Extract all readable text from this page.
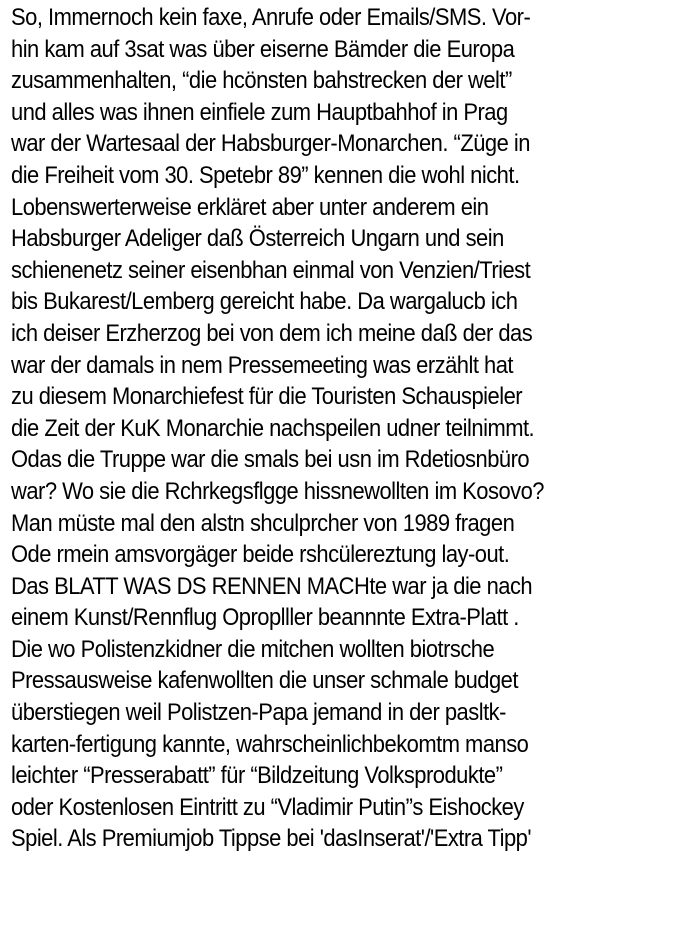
So, Immernoch kein faxe, Anrufe oder Emails/SMS. Vor-
hin kam auf 3sat was über eiserne Bämder die Europa
zusammenhalten, “die hcönsten bahstrecken der welt”
und alles was ihnen einfiele zum Hauptbahhof in Prag
war der Wartesaal der Habsburger-Monarchen. “Züge in
die Freiheit vom 30. Spetebr 89” kennen die wohl nicht.
Lobenswerterweise erkläret aber unter anderem ein
Habsburger Adeliger daß Österreich Ungarn und sein
schienenetz seiner eisenbhan einmal von Venzien/Triest
bis Bukarest/Lemberg gereicht habe. Da wargalucb ich
ich deiser Erzherzog bei von dem ich meine daß der das
war der damals in nem Pressemeeting was erzählt hat
zu diesem Monarchiefest für die Touristen Schauspieler
die Zeit der KuK Monarchie nachspeilen udner teilnimmt.
Odas die Truppe war die smals bei usn im Rdetiosnbüro
war? Wo sie die Rchrkegsflgge hissnewollten im Kosovo?
Man müste mal den alstn shculprcher von 1989 fragen
Ode rmein amsvorgäger beide rshcülereztung lay-out.
Das BLATT WAS DS RENNEN MACHte war ja die nach
einem Kunst/Rennflug Oproplller beannnte Extra-Platt .
Die wo Polistenzkidner die mitchen wollten biotrsche
Pressausweise kafenwollten die unser schmale budget
überstiegen weil Polistzen-Papa jemand in der pasltk-
karten-fertigung kannte, wahrscheinlichbekomtm manso
leichter “Presserabatt” für “Bildzeitung Volksprodukte”
oder Kostenlosen Eintritt zu “Vladimir Putin”s Eishockey
Spiel. Als Premiumjob Tippse bei 'dasInserat'/'Extra Tipp'
